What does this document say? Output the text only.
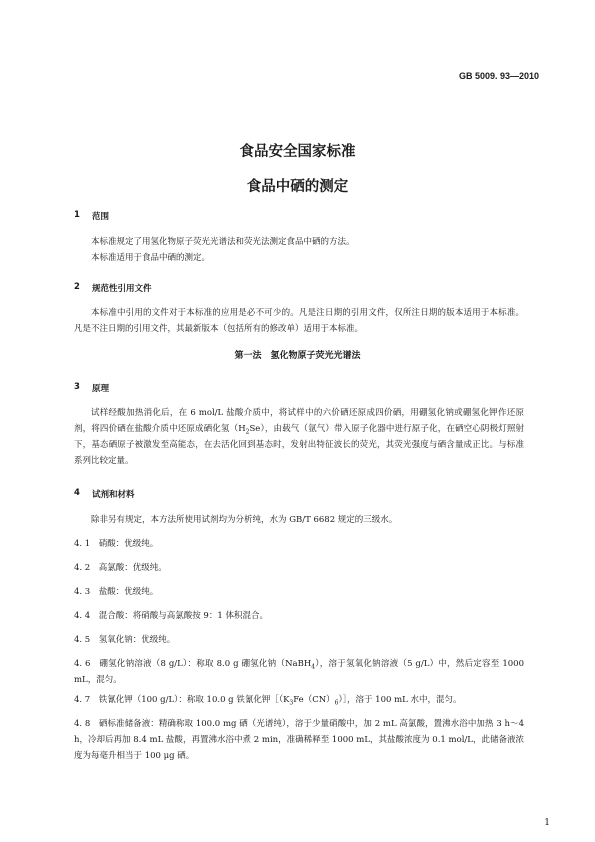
GB 5009. 93—2010
食品安全国家标准
食品中硒的测定
1 范围

本标准规定了用氢化物原子荧光光谱法和荧光法测定食品中硒的方法。

本标准适用于食品中硒的测定。

2 规范性引用文件

本标准中引用的文件对于本标准的应用是必不可少的。凡是注日期的引用文件，仅所注日期的版本适用于本标准。凡是不注日期的引用文件，其最新版本（包括所有的修改单）适用于本标准。

第一法　氢化物原子荧光光谱法
3 原理

试样经酸加热消化后，在 6 mol/L 盐酸介质中，将试样中的六价硒还原成四价硒，用硼氢化钠或硼氢化钾作还原剂，将四价硒在盐酸介质中还原成硒化氢$(H_2Se)$，由载气（氩气）带入原子化器中进行原子化，在硒空心阴极灯照射下，基态硒原子被激发至高能态，在去活化回到基态时，发射出特征波长的荧光，其荧光强度与硒含量成正比。与标准系列比较定量。

4 试剂和材料

除非另有规定，本方法所使用试剂均为分析纯，水为 GB/T 6682 规定的三级水。

4. 1　硝酸：优级纯。

4. 2　高氯酸：优级纯。

4. 3　盐酸：优级纯。

4. 4　混合酸：将硝酸与高氯酸按 9：1 体积混合。

4. 5　氢氧化钠：优级纯。

4. 6　硼氢化钠溶液（8 g/L）：称取 8.0 g 硼氢化钠（NaBH$_4$），溶于氢氧化钠溶液（5 g/L）中，然后定容至 1000 mL，混匀。

4. 7　铁氰化钾（100 g/L）：称取 10.0 g 铁氰化钾$[(K_3Fe(CN)_6)]$，溶于 100 mL 水中，混匀。

4. 8　硒标准储备液：精确称取 100.0 mg 硒（光谱纯），溶于少量硝酸中，加 2 mL 高氯酸，置沸水浴中加热 3 h～4 h，冷却后再加 8.4 mL 盐酸，再置沸水浴中煮 2 min，准确稀释至 1000 mL，其盐酸浓度为 0.1 mol/L，此储备液浓度为每毫升相当于 100 μg 硒。

1
